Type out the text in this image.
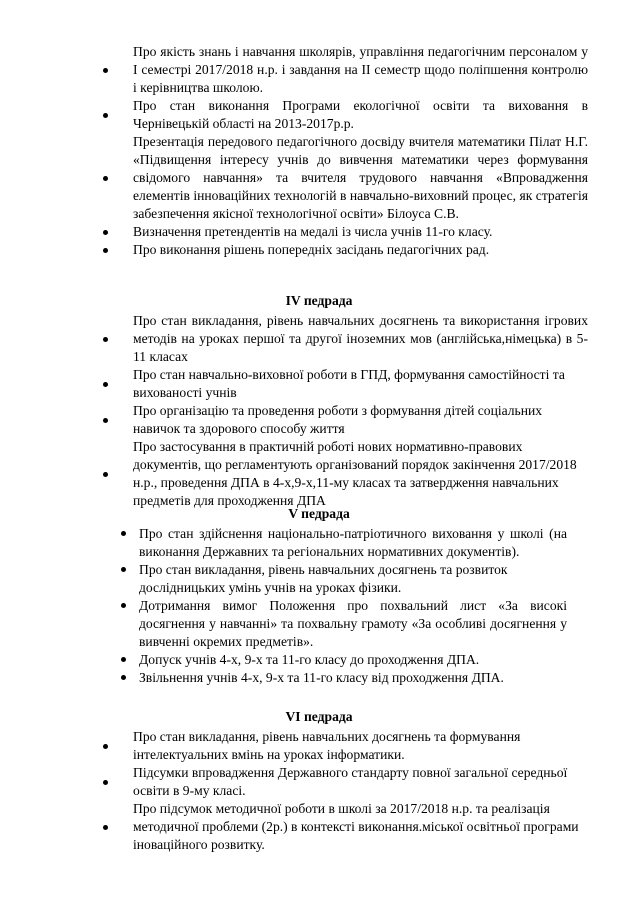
Про якість знань і навчання школярів, управління педагогічним персоналом у І семестрі 2017/2018 н.р. і завдання на ІІ семестр щодо поліпшення контролю і керівництва школою.
Про стан виконання Програми екологічної освіти та виховання в Чернівецькій області на 2013-2017р.р.
Презентація передового педагогічного досвіду вчителя математики Пілат Н.Г. «Підвищення інтересу учнів до вивчення математики через формування свідомого навчання» та вчителя трудового навчання «Впровадження елементів інноваційних технологій в навчально-виховний процес, як стратегія забезпечення якісної технологічної освіти» Білоуса С.В.
Визначення претендентів на медалі із числа учнів 11-го класу.
Про виконання рішень попередніх засідань педагогічних рад.
IV педрада
Про стан викладання, рівень навчальних досягнень та використання ігрових методів на уроках першої та другої іноземних мов (англійська,німецька) в 5-11 класах
Про стан навчально-виховної роботи в ГПД, формування самостійності та вихованості учнів
Про організацію та проведення роботи з формування дітей соціальних навичок та здорового способу життя
Про застосування в практичній роботі нових нормативно-правових документів, що регламентують організований порядок закінчення 2017/2018 н.р., проведення ДПА в 4-х,9-х,11-му класах та затвердження навчальних предметів для проходження ДПА
V педрада
Про стан здійснення національно-патріотичного виховання у школі (на виконання Державних та регіональних нормативних документів).
Про стан викладання, рівень навчальних досягнень та розвиток дослідницьких умінь учнів на уроках фізики.
Дотримання вимог Положення про похвальний лист «За високі досягнення у навчанні» та похвальну грамоту «За особливі досягнення у вивченні окремих предметів».
Допуск учнів 4-х, 9-х та 11-го класу до проходження ДПА.
Звільнення учнів 4-х, 9-х та 11-го класу від проходження ДПА.
VI педрада
Про стан викладання, рівень навчальних досягнень та формування інтелектуальних вмінь на уроках інформатики.
Підсумки впровадження Державного стандарту повної загальної середньої освіти в 9-му класі.
Про підсумок методичної роботи в школі за 2017/2018 н.р. та реалізація методичної проблеми (2р.) в контексті виконання.міської освітньої програми іноваційного розвитку.
